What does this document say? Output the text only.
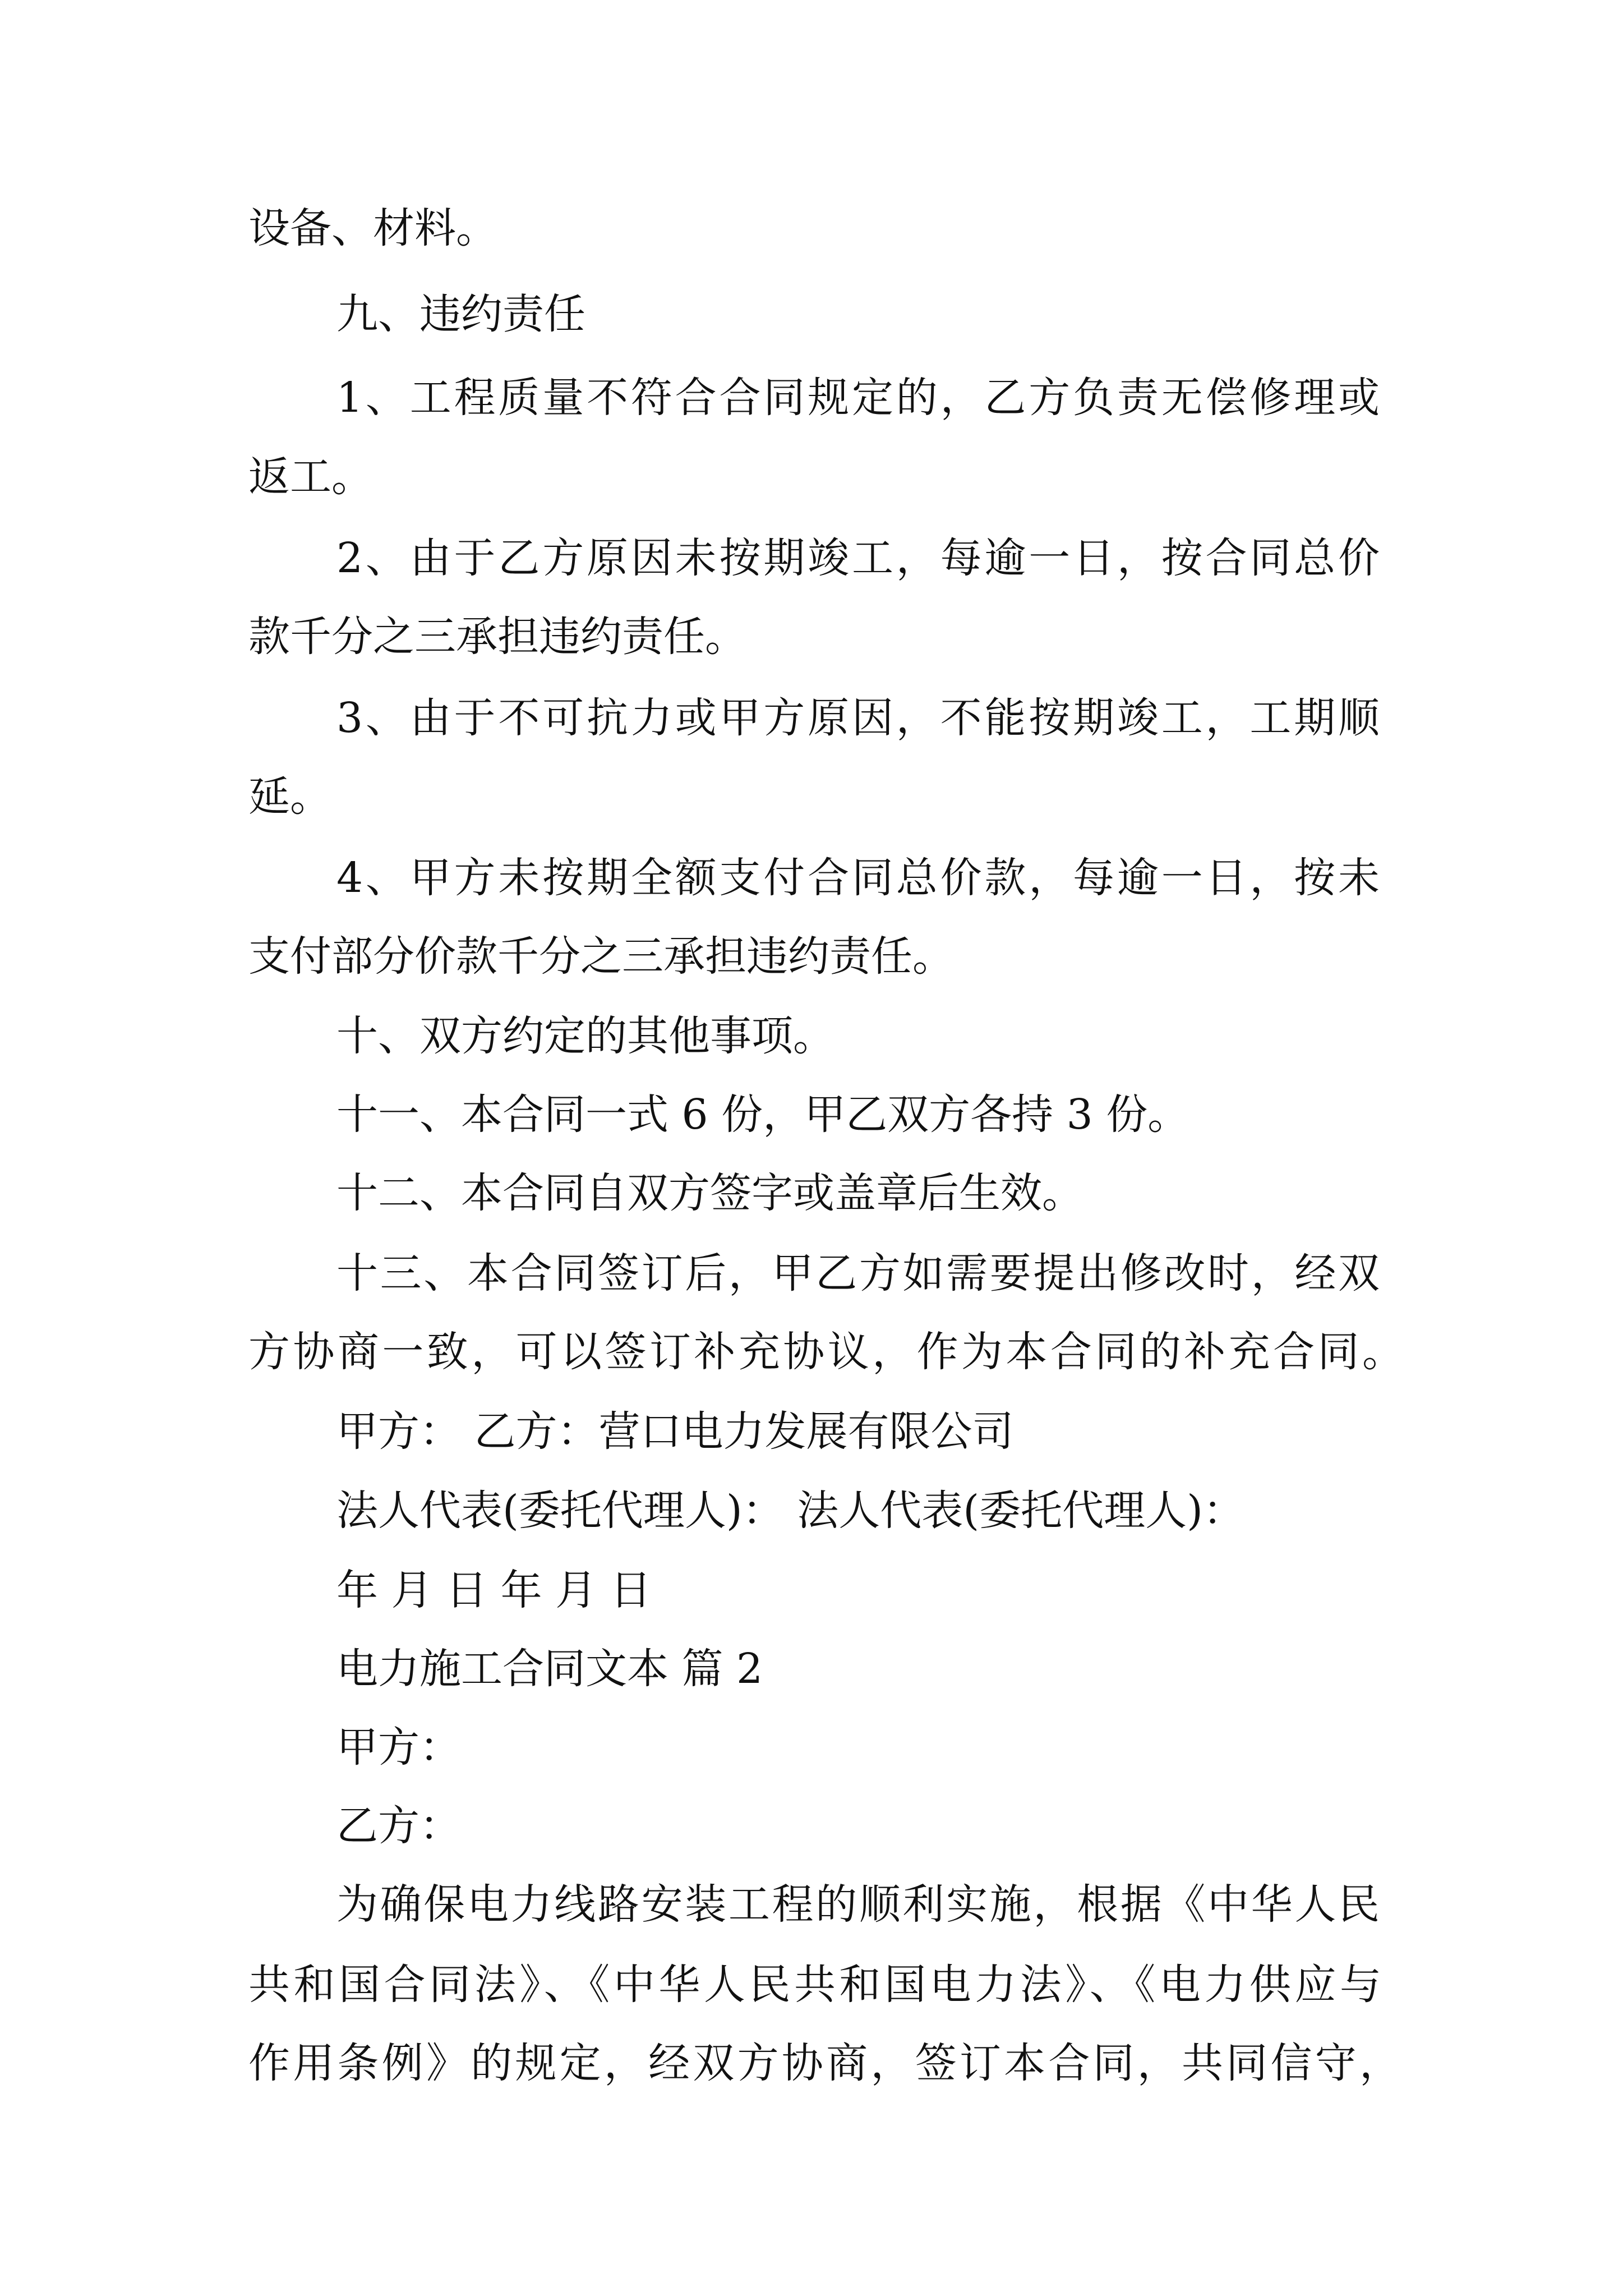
设备、材料。
九、违约责任
1、工程质量不符合合同规定的，乙方负责无偿修理或
返工。
2、由于乙方原因未按期竣工，每逾一日，按合同总价
款千分之三承担违约责任。
3、由于不可抗力或甲方原因，不能按期竣工，工期顺
延。
4、甲方未按期全额支付合同总价款，每逾一日，按未
支付部分价款千分之三承担违约责任。
十、双方约定的其他事项。
十一、本合同一式 6 份，甲乙双方各持 3 份。
十二、本合同自双方签字或盖章后生效。
十三、本合同签订后，甲乙方如需要提出修改时，经双
方协商一致，可以签订补充协议，作为本合同的补充合同。
甲方： 乙方：营口电力发展有限公司
法人代表(委托代理人)： 法人代表(委托代理人)：
年 月 日 年 月 日
电力施工合同文本 篇 2
甲方：
乙方：
为确保电力线路安装工程的顺利实施，根据《中华人民
共和国合同法》、《中华人民共和国电力法》、《电力供应与
作用条例》的规定，经双方协商，签订本合同，共同信守，
